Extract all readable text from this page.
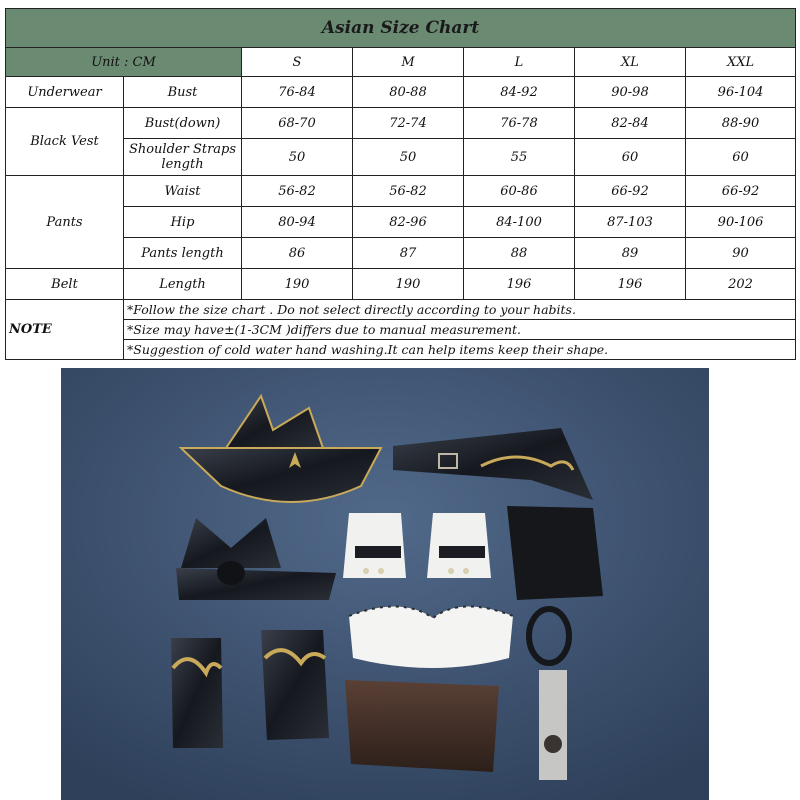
Asian Size Chart						
Unit : CM		S	M	L	XL	XXL
Underwear	Bust	76-84	80-88	84-92	90-98	96-104
Black Vest	Bust(down)	68-70	72-74	76-78	82-84	88-90
	Shoulder Straps length	50	50	55	60	60
Pants	Waist	56-82	56-82	60-86	66-92	66-92
	Hip	80-94	82-96	84-100	87-103	90-106
	Pants length	86	87	88	89	90
Belt	Length	190	190	196	196	202
NOTE	*Follow the size chart . Do not select directly according to your habits.					
	*Size may have±(1-3CM )differs due to manual measurement.					
	*Suggestion of cold water hand washing.It can help items keep their shape.					
